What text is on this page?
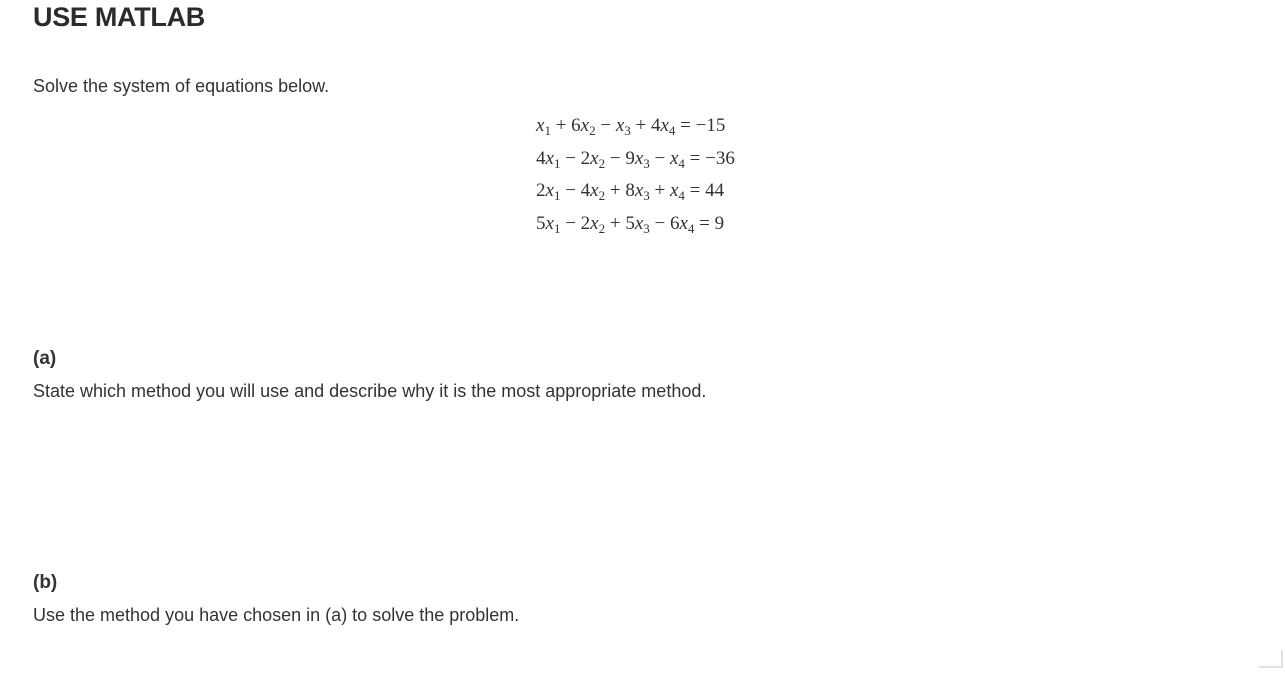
USE MATLAB
Solve the system of equations below.
$x_1 + 6x_2 - x_3 + 4x_4 = -15$
$4x_1 - 2x_2 - 9x_3 - x_4 = -36$
$2x_1 - 4x_2 + 8x_3 + x_4 = 44$
$5x_1 - 2x_2 + 5x_3 - 6x_4 = 9$
(a)
State which method you will use and describe why it is the most appropriate method.
(b)
Use the method you have chosen in (a) to solve the problem.
